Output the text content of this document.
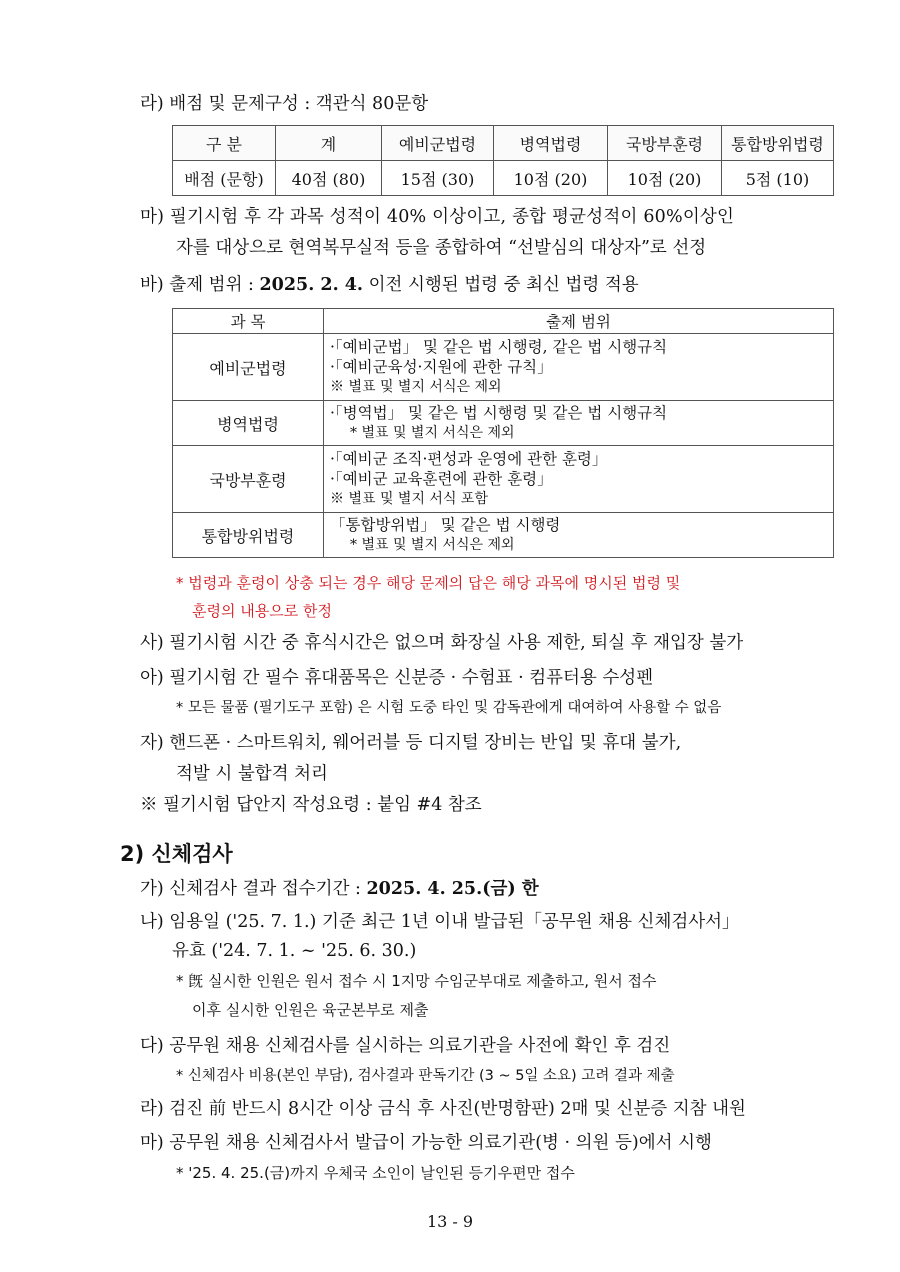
라) 배점 및 문제구성 : 객관식 80문항
구 분	계	예비군법령	병역법령	국방부훈령	통합방위법령
배점 (문항)	40점 (80)	15점 (30)	10점 (20)	10점 (20)	5점 (10)
마) 필기시험 후 각 과목 성적이 40% 이상이고, 종합 평균성적이 60%이상인
자를 대상으로 현역복무실적 등을 종합하여 “선발심의 대상자”로 선정
바) 출제 범위 : 2025. 2. 4. 이전 시행된 법령 중 최신 법령 적용
과 목	출제 범위
예비군법령	·「예비군법」 및 같은 법 시행령, 같은 법 시행규칙
·「예비군육성·지원에 관한 규칙」
※ 별표 및 별지 서식은 제외

병역법령	·「병역법」 및 같은 법 시행령 및 같은 법 시행규칙
* 별표 및 별지 서식은 제외

국방부훈령	·「예비군 조직·편성과 운영에 관한 훈령」
·「예비군 교육훈련에 관한 훈령」
※ 별표 및 별지 서식 포함

통합방위법령	「통합방위법」 및 같은 법 시행령
* 별표 및 별지 서식은 제외
* 법령과 훈령이 상충 되는 경우 해당 문제의 답은 해당 과목에 명시된 법령 및
훈령의 내용으로 한정
사) 필기시험 시간 중 휴식시간은 없으며 화장실 사용 제한, 퇴실 후 재입장 불가
아) 필기시험 간 필수 휴대품목은 신분증 · 수험표 · 컴퓨터용 수성펜
* 모든 물품 (필기도구 포함) 은 시험 도중 타인 및 감독관에게 대여하여 사용할 수 없음
자) 핸드폰 · 스마트워치, 웨어러블 등 디지털 장비는 반입 및 휴대 불가,
적발 시 불합격 처리
※ 필기시험 답안지 작성요령 : 붙임 #4 참조
2) 신체검사
가) 신체검사 결과 접수기간 : 2025. 4. 25.(금) 한
나) 임용일 ('25. 7. 1.) 기준 최근 1년 이내 발급된「공무원 채용 신체검사서」
유효 ('24. 7. 1. ~ '25. 6. 30.)
* 旣 실시한 인원은 원서 접수 시 1지망 수임군부대로 제출하고, 원서 접수
이후 실시한 인원은 육군본부로 제출
다) 공무원 채용 신체검사를 실시하는 의료기관을 사전에 확인 후 검진
* 신체검사 비용(본인 부담), 검사결과 판독기간 (3 ~ 5일 소요) 고려 결과 제출
라) 검진 前 반드시 8시간 이상 금식 후 사진(반명함판) 2매 및 신분증 지참 내원
마) 공무원 채용 신체검사서 발급이 가능한 의료기관(병 · 의원 등)에서 시행
* '25. 4. 25.(금)까지 우체국 소인이 날인된 등기우편만 접수
13 - 9
